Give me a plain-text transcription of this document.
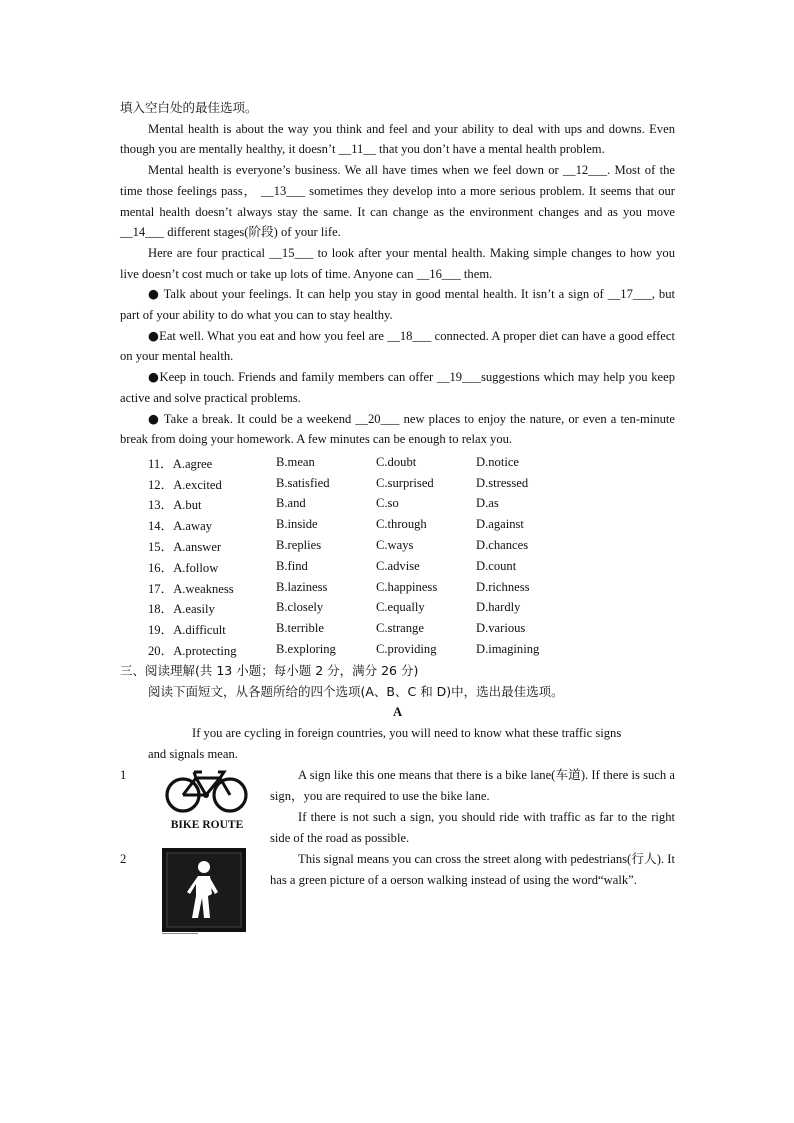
填入空白处的最佳选项。
Mental health is about the way you think and feel and your ability to deal with ups and downs. Even though you are mentally healthy, it doesn’t __11__ that you don’t have a mental health problem.
Mental health is everyone’s business. We all have times when we feel down or __12___. Most of the time those feelings pass， __13___ sometimes they develop into a more serious problem. It seems that our mental health doesn’t always stay the same. It can change as the environment changes and as you move __14___ different stages(阶段) of your life.
Here are four practical __15___ to look after your mental health. Making simple changes to how you live doesn’t cost much or take up lots of time. Anyone can __16___ them.
● Talk about your feelings. It can help you stay in good mental health. It isn’t a sign of __17___, but part of your ability to do what you can to stay healthy.
●Eat well. What you eat and how you feel are __18___ connected. A proper diet can have a good effect on your mental health.
●Keep in touch. Friends and family members can offer __19___suggestions which may help you keep active and solve practical problems.
● Take a break. It could be a weekend __20___ new places to enjoy the nature, or even a ten-minute break from doing your homework. A few minutes can be enough to relax you.
11．A.agree	B.mean	C.doubt	D.notice
12．A.excited	B.satisfied	C.surprised	D.stressed
13．A.but	B.and	C.so	D.as
14．A.away	B.inside	C.through	D.against
15．A.answer	B.replies	C.ways	D.chances
16．A.follow	B.find	C.advise	D.count
17．A.weakness	B.laziness	C.happiness	D.richness
18．A.easily	B.closely	C.equally	D.hardly
19．A.difficult	B.terrible	C.strange	D.various
20．A.protecting	B.exploring	C.providing	D.imagining
三、阅读理解(共 13 小题；每小题 2 分，满分 26 分)
阅读下面短文，从各题所给的四个选项(A、B、C 和 D)中，选出最佳选项。
A
If you are cycling in foreign countries, you will need to know what these traffic signs
and signals mean.
1
BIKE ROUTE
A sign like this one means that there is a bike lane(车道). If there is such a sign，you are required to use the bike lane.
If there is not such a sign, you should ride with traffic as far to the right side of the road as possible.
2	This signal means you can cross the street along with pedestrians(行人). It has a green picture of a oerson walking instead of using the word“walk”.
